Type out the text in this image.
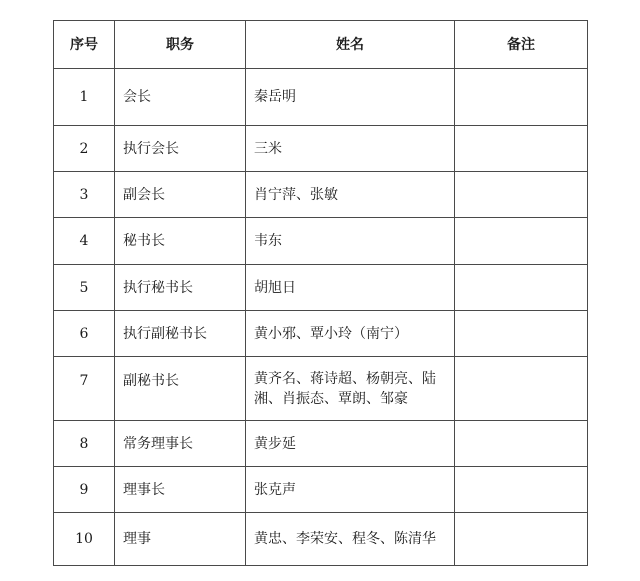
序号	职务	姓名	备注
1	会长	秦岳明	
2	执行会长	三米	
3	副会长	肖宁萍、张敏	
4	秘书长	韦东	
5	执行秘书长	胡旭日	
6	执行副秘书长	黄小邪、覃小玲（南宁）	
7	副秘书长	黄齐名、蒋诗超、杨朝亮、陆湘、肖振态、覃朗、邹豪	

8	常务理事长	黄步延	
9	理事长	张克声	
10	理事	黄忠、李荣安、程冬、陈清华	
